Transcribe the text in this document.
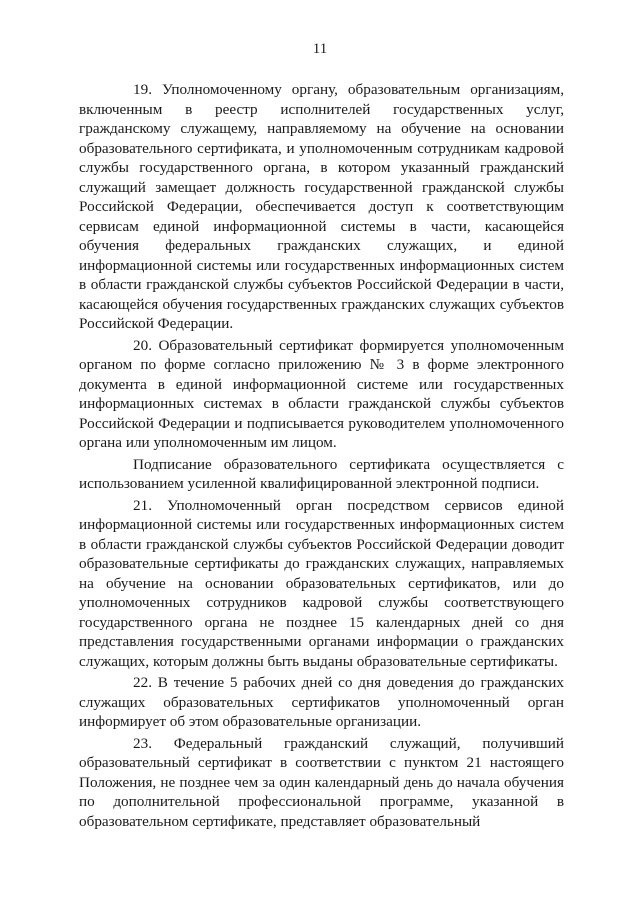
11

19. Уполномоченному органу, образовательным организациям, включенным в реестр исполнителей государственных услуг, гражданскому служащему, направляемому на обучение на основании образовательного сертификата, и уполномоченным сотрудникам кадровой службы государственного органа, в котором указанный гражданский служащий замещает должность государственной гражданской службы Российской Федерации, обеспечивается доступ к соответствующим сервисам единой информационной системы в части, касающейся обучения федеральных гражданских служащих, и единой информационной системы или государственных информационных систем в области гражданской службы субъектов Российской Федерации в части, касающейся обучения государственных гражданских служащих субъектов Российской Федерации.

20. Образовательный сертификат формируется уполномоченным органом по форме согласно приложению № 3 в форме электронного документа в единой информационной системе или государственных информационных системах в области гражданской службы субъектов Российской Федерации и подписывается руководителем уполномоченного органа или уполномоченным им лицом.

Подписание образовательного сертификата осуществляется с использованием усиленной квалифицированной электронной подписи.

21. Уполномоченный орган посредством сервисов единой информационной системы или государственных информационных систем в области гражданской службы субъектов Российской Федерации доводит образовательные сертификаты до гражданских служащих, направляемых на обучение на основании образовательных сертификатов, или до уполномоченных сотрудников кадровой службы соответствующего государственного органа не позднее 15 календарных дней со дня представления государственными органами информации о гражданских служащих, которым должны быть выданы образовательные сертификаты.

22. В течение 5 рабочих дней со дня доведения до гражданских служащих образовательных сертификатов уполномоченный орган информирует об этом образовательные организации.

23. Федеральный гражданский служащий, получивший образовательный сертификат в соответствии с пунктом 21 настоящего Положения, не позднее чем за один календарный день до начала обучения по дополнительной профессиональной программе, указанной в образовательном сертификате, представляет образовательный
